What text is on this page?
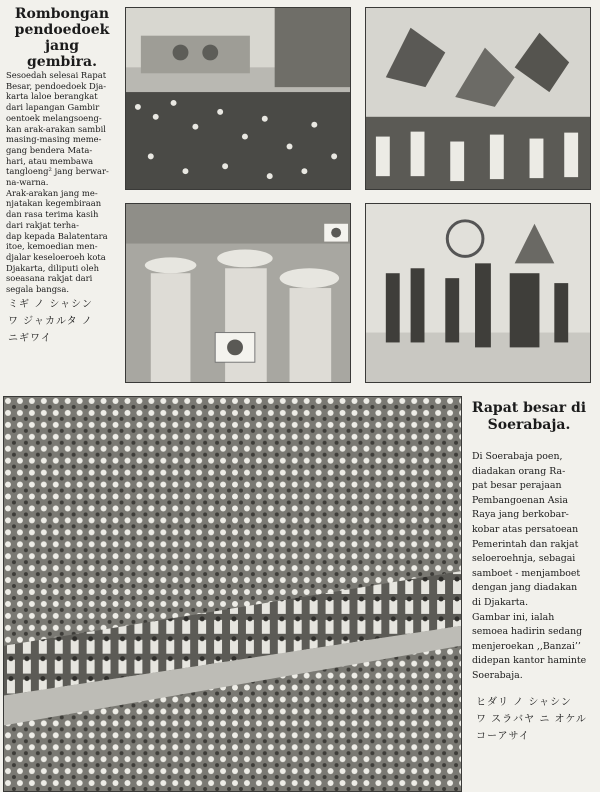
Rombongan
pendoedoek
jang
gembira.
Sesoedah selesai Rapat
Besar, pendoedoek Dja-
karta laloe berangkat
dari lapangan Gambir
oentoek melangsoeng-
kan arak-arakan sambil
masing-masing meme-
gang bendera Mata-
hari, atau membawa
tangloeng² jang berwar-
na-warna.
Arak-arakan jang me-
njatakan kegembiraan
dan rasa terima kasih
dari rakjat terha-
dap kepada Balatentara
itoe, kemoedian men-
djalar keseloeroeh kota
Djakarta, diliputi oleh
soeasana rakjat dari
segala bangsa.
ミギ ノ シャシン
ワ ジャカルタ ノ
ニギワイ
Rapat besar di
Soerabaja.
Di Soerabaja poen,
diadakan orang Ra-
pat besar perajaan
Pembangoenan Asia
Raya jang berkobar-
kobar atas persatoean
Pemerintah dan rakjat
seloeroehnja, sebagai
samboet - menjamboet
dengan jang diadakan
di Djakarta.
Gambar ini, ialah
semoea hadirin sedang
menjeroekan ,,Banzai’’
didepan kantor haminte
Soerabaja.
ヒダリ ノ シャシン
ワ スラバヤ ニ オケル
コーアサイ
